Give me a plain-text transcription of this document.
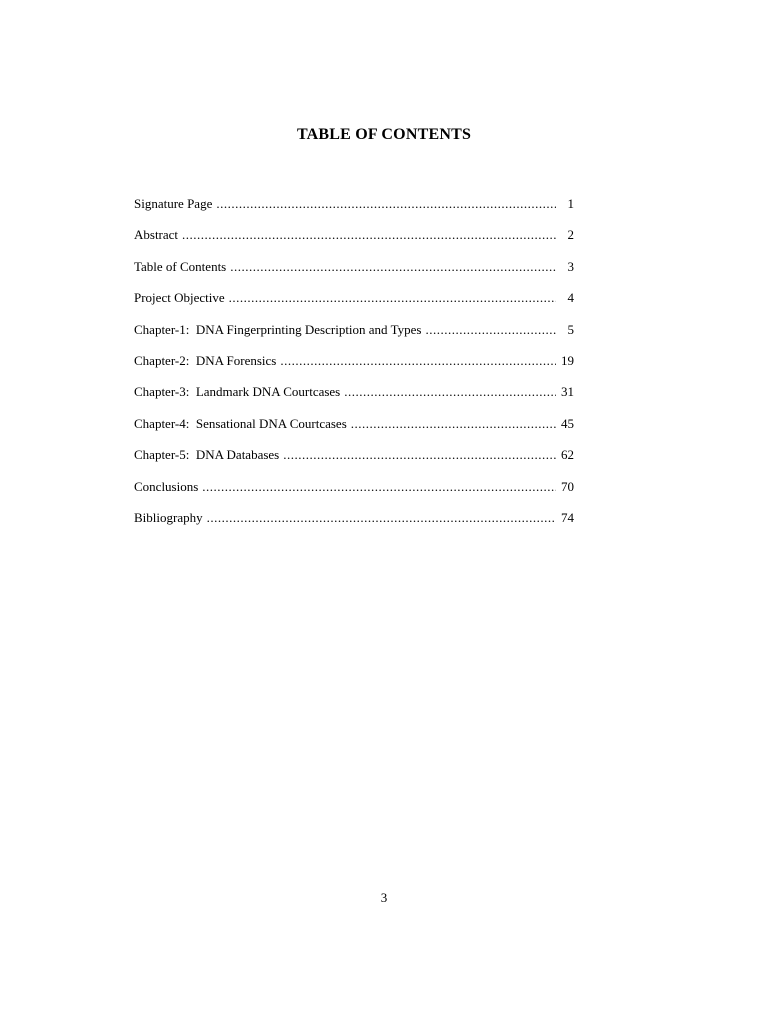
TABLE OF CONTENTS
Signature Page .....	1
Abstract .....	2
Table of Contents .....	3
Project Objective .....	4
Chapter-1:  DNA Fingerprinting Description and Types .....	5
Chapter-2:  DNA Forensics .....	19
Chapter-3:  Landmark DNA Courtcases .....	31
Chapter-4:  Sensational DNA Courtcases .....	45
Chapter-5:  DNA Databases .....	62
Conclusions .....	70
Bibliography .....	74
3
